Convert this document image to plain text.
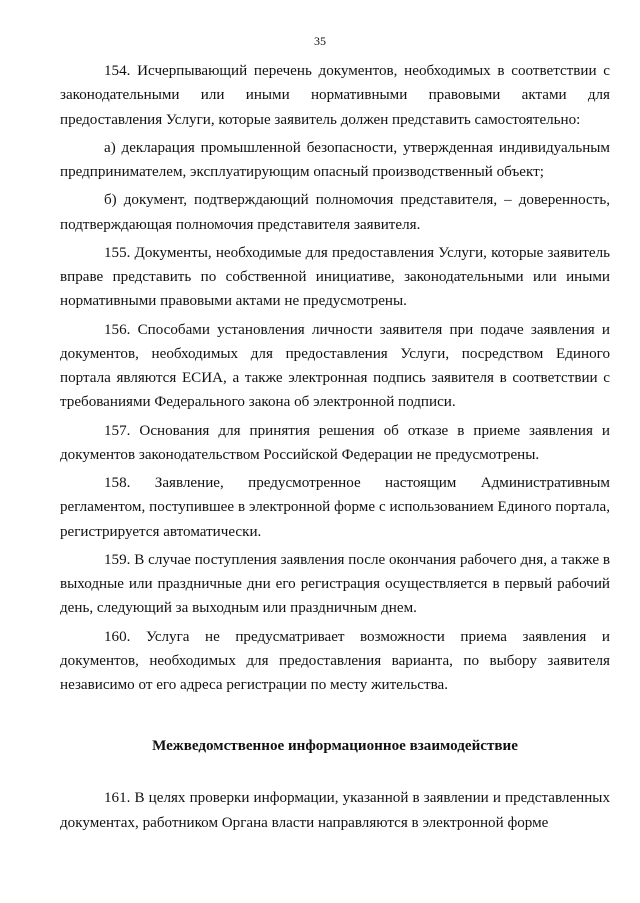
35

154. Исчерпывающий перечень документов, необходимых в соответствии с законодательными или иными нормативными правовыми актами для предоставления Услуги, которые заявитель должен представить самостоятельно:

а) декларация промышленной безопасности, утвержденная индивидуальным предпринимателем, эксплуатирующим опасный производственный объект;

б) документ, подтверждающий полномочия представителя, – доверенность, подтверждающая полномочия представителя заявителя.

155. Документы, необходимые для предоставления Услуги, которые заявитель вправе представить по собственной инициативе, законодательными или иными нормативными правовыми актами не предусмотрены.

156. Способами установления личности заявителя при подаче заявления и документов, необходимых для предоставления Услуги, посредством Единого портала являются ЕСИА, а также электронная подпись заявителя в соответствии с требованиями Федерального закона об электронной подписи.

157. Основания для принятия решения об отказе в приеме заявления и документов законодательством Российской Федерации не предусмотрены.

158. Заявление, предусмотренное настоящим Административным регламентом, поступившее в электронной форме с использованием Единого портала, регистрируется автоматически.

159. В случае поступления заявления после окончания рабочего дня, а также в выходные или праздничные дни его регистрация осуществляется в первый рабочий день, следующий за выходным или праздничным днем.

160. Услуга не предусматривает возможности приема заявления и документов, необходимых для предоставления варианта, по выбору заявителя независимо от его адреса регистрации по месту жительства.

Межведомственное информационное взаимодействие

161. В целях проверки информации, указанной в заявлении и представленных документах, работником Органа власти направляются в электронной форме
